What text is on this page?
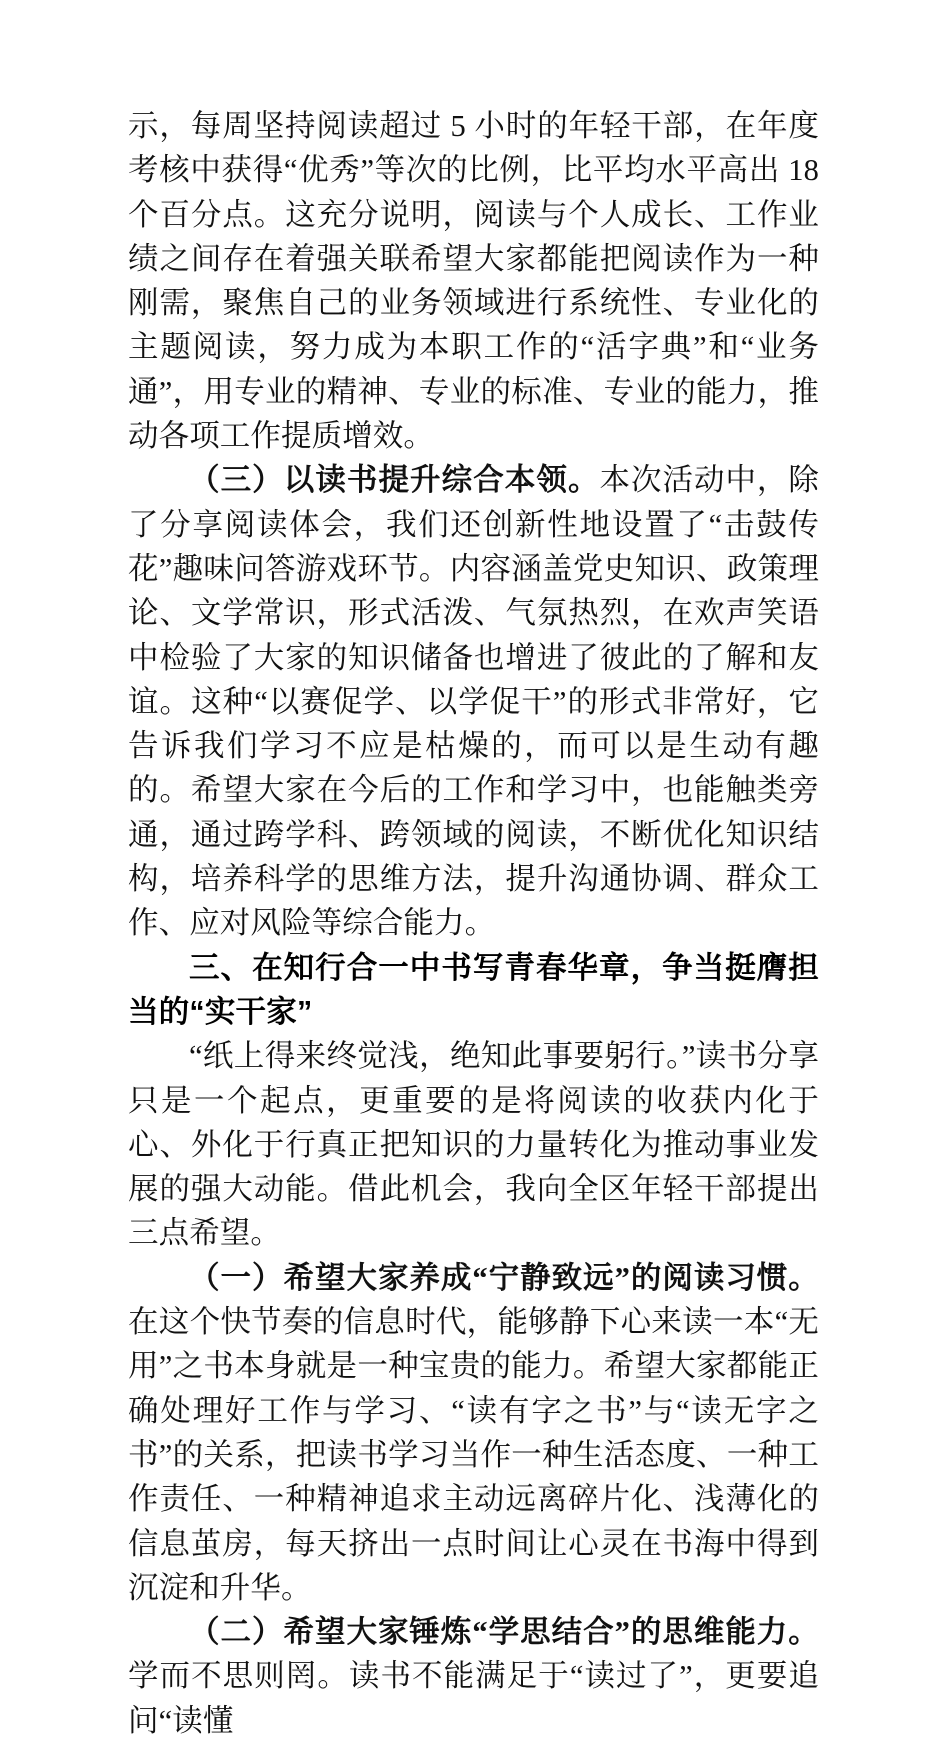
示，每周坚持阅读超过 5 小时的年轻干部，在年度考核中获得“优秀”等次的比例，比平均水平高出 18 个百分点。这充分说明，阅读与个人成长、工作业绩之间存在着强关联希望大家都能把阅读作为一种刚需，聚焦自己的业务领域进行系统性、专业化的主题阅读，努力成为本职工作的“活字典”和“业务通”，用专业的精神、专业的标准、专业的能力，推动各项工作提质增效。

（三）以读书提升综合本领。本次活动中，除了分享阅读体会，我们还创新性地设置了“击鼓传花”趣味问答游戏环节。内容涵盖党史知识、政策理论、文学常识，形式活泼、气氛热烈，在欢声笑语中检验了大家的知识储备也增进了彼此的了解和友谊。这种“以赛促学、以学促干”的形式非常好，它告诉我们学习不应是枯燥的，而可以是生动有趣的。希望大家在今后的工作和学习中，也能触类旁通，通过跨学科、跨领域的阅读，不断优化知识结构，培养科学的思维方法，提升沟通协调、群众工作、应对风险等综合能力。

三、在知行合一中书写青春华章，争当挺膺担当的“实干家”

“纸上得来终觉浅，绝知此事要躬行。”读书分享只是一个起点，更重要的是将阅读的收获内化于心、外化于行真正把知识的力量转化为推动事业发展的强大动能。借此机会，我向全区年轻干部提出三点希望。

（一）希望大家养成“宁静致远”的阅读习惯。在这个快节奏的信息时代，能够静下心来读一本“无用”之书本身就是一种宝贵的能力。希望大家都能正确处理好工作与学习、“读有字之书”与“读无字之书”的关系，把读书学习当作一种生活态度、一种工作责任、一种精神追求主动远离碎片化、浅薄化的信息茧房，每天挤出一点时间让心灵在书海中得到沉淀和升华。

（二）希望大家锤炼“学思结合”的思维能力。学而不思则罔。读书不能满足于“读过了”，更要追问“读懂
